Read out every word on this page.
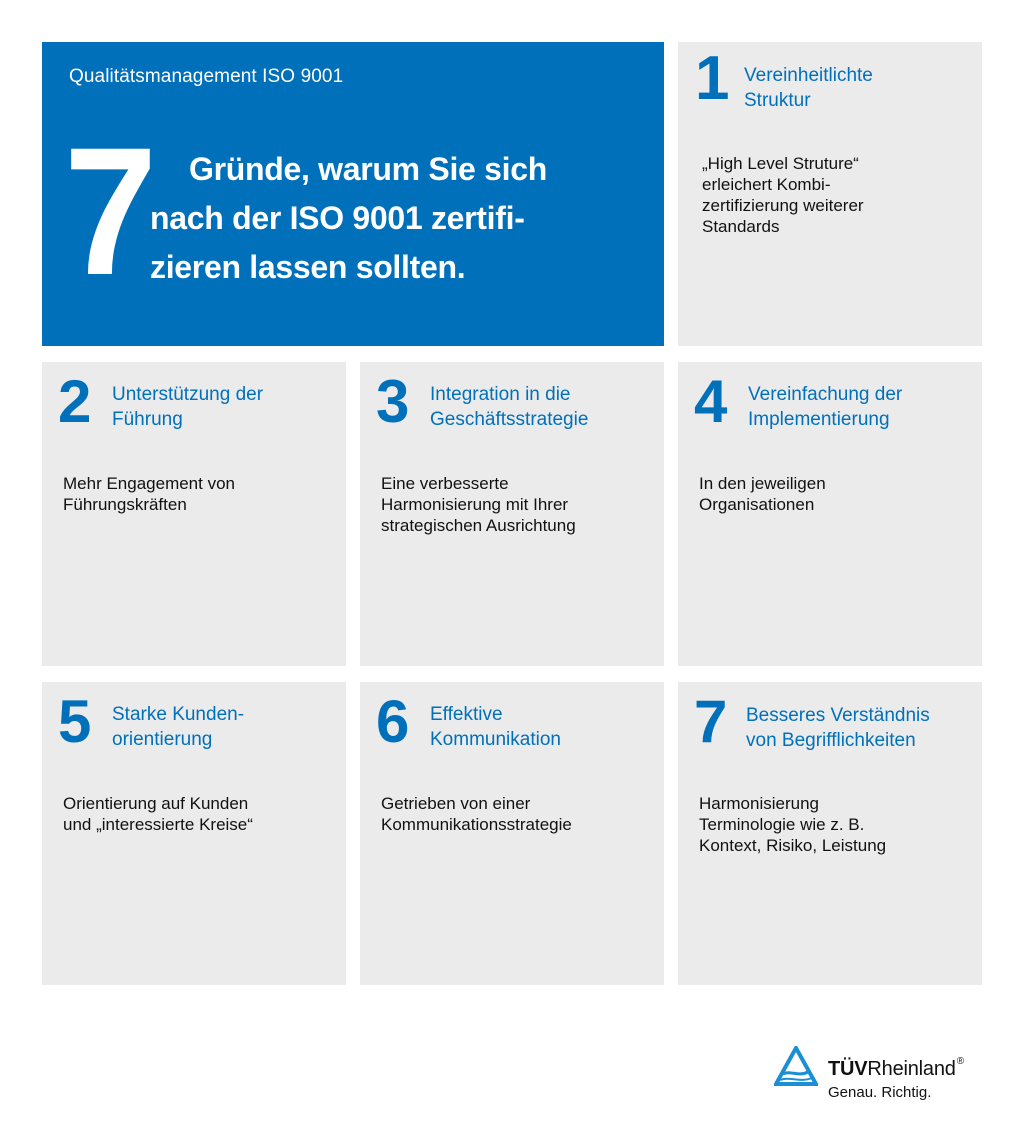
Qualitätsmanagement ISO 9001
7	Gründe, warum Sie sich
nach der ISO 9001 zertifi-
zieren lassen sollten.
1 Vereinheitlichte
Struktur
„High Level Struture“
erleichert Kombi-
zertifizierung weiterer
Standards
2 Unterstützung der
Führung
Mehr Engagement von
Führungskräften
3 Integration in die
Geschäftsstrategie
Eine verbesserte
Harmonisierung mit Ihrer
strategischen Ausrichtung
4 Vereinfachung der
Implementierung
In den jeweiligen
Organisationen
5 Starke Kunden-
orientierung
Orientierung auf Kunden
und „interessierte Kreise“
6 Effektive
Kommunikation
Getrieben von einer
Kommunikationsstrategie
7 Besseres Verständnis
von Begrifflichkeiten
Harmonisierung
Terminologie wie z. B.
Kontext, Risiko, Leistung
TÜVRheinland®
Genau. Richtig.
